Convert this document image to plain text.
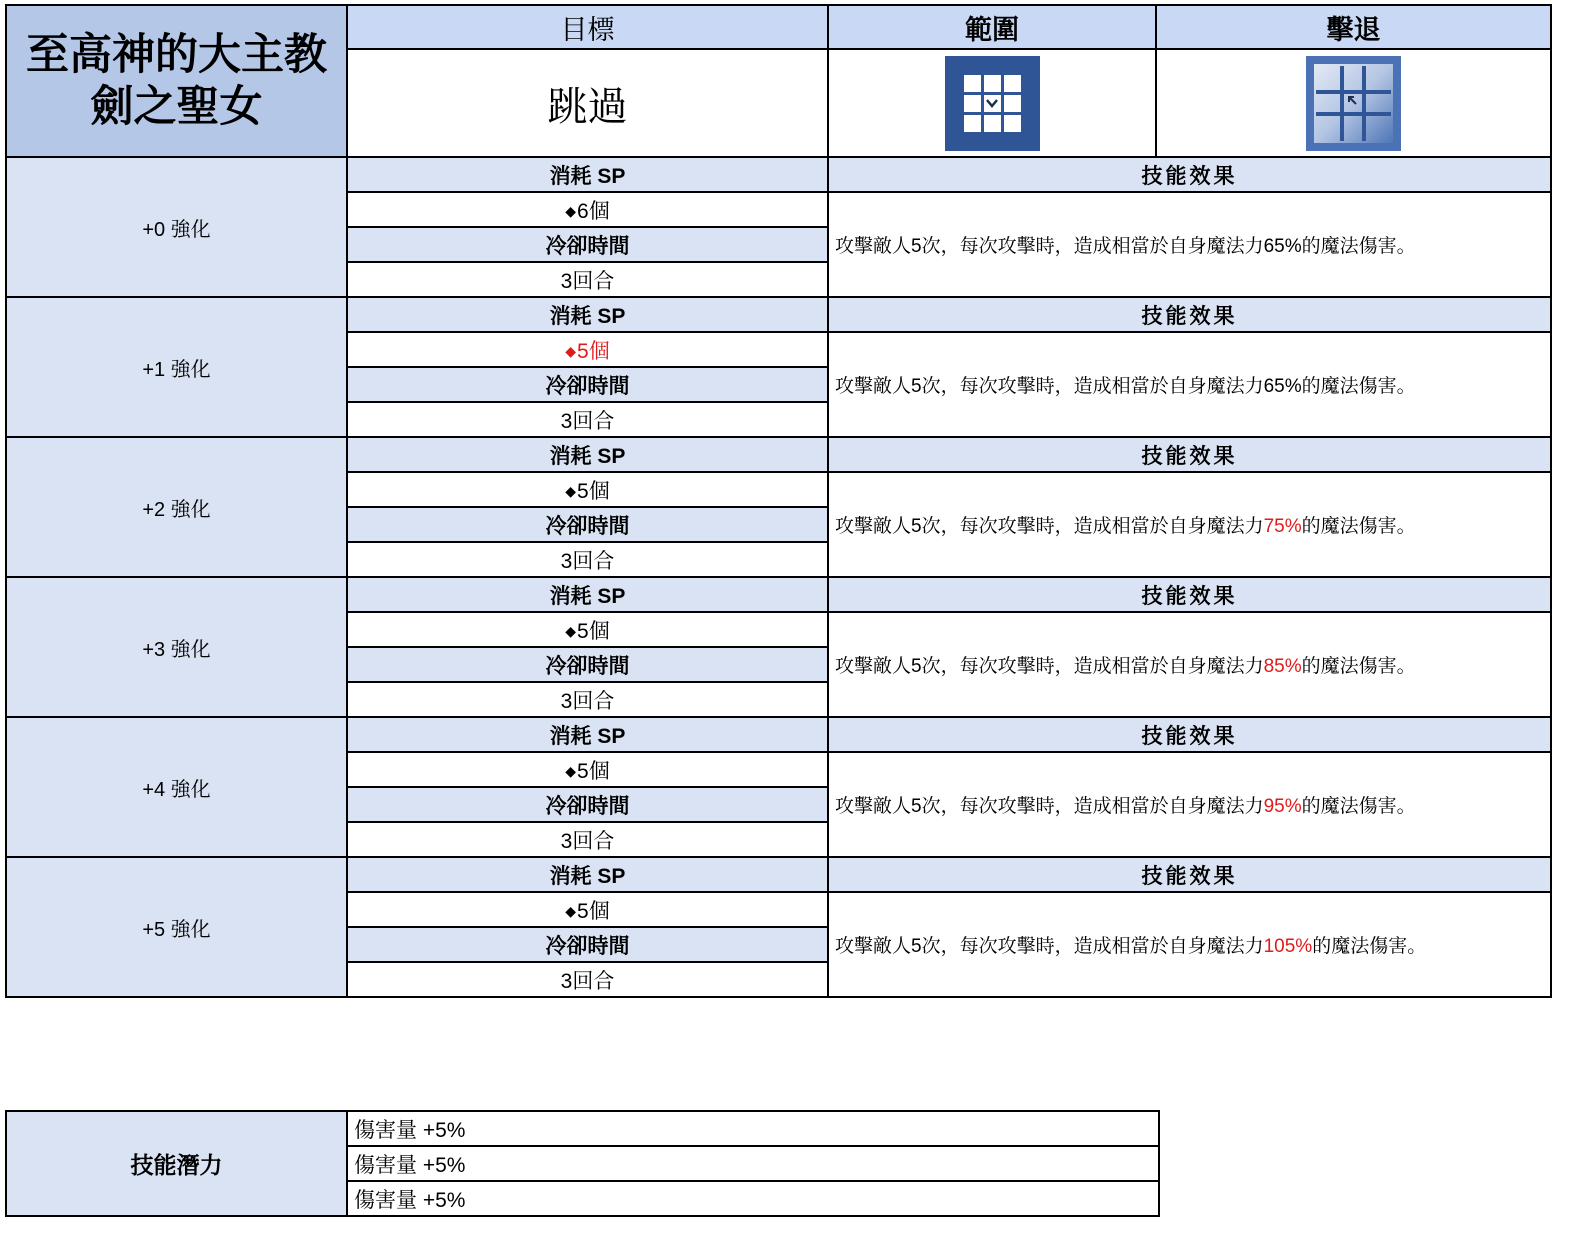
至高神的大主教
劍之聖女	目標	範圍	擊退
	跳過	

+0 強化	消耗 SP	技能效果	
	◆6個	攻擊敵人5次，每次攻擊時，造成相當於自身魔法力65%的魔法傷害。	
	冷卻時間		
	3回合		
+1 強化	消耗 SP	技能效果	
	◆5個	攻擊敵人5次，每次攻擊時，造成相當於自身魔法力65%的魔法傷害。	
	冷卻時間		
	3回合		
+2 強化	消耗 SP	技能效果	
	◆5個	攻擊敵人5次，每次攻擊時，造成相當於自身魔法力75%的魔法傷害。	
	冷卻時間		
	3回合		
+3 強化	消耗 SP	技能效果	
	◆5個	攻擊敵人5次，每次攻擊時，造成相當於自身魔法力85%的魔法傷害。	
	冷卻時間		
	3回合		
+4 強化	消耗 SP	技能效果	
	◆5個	攻擊敵人5次，每次攻擊時，造成相當於自身魔法力95%的魔法傷害。	
	冷卻時間		
	3回合		
+5 強化	消耗 SP	技能效果	
	◆5個	攻擊敵人5次，每次攻擊時，造成相當於自身魔法力105%的魔法傷害。	
	冷卻時間		
	3回合		
技能潛力	傷害量 +5%
傷害量 +5%
傷害量 +5%
